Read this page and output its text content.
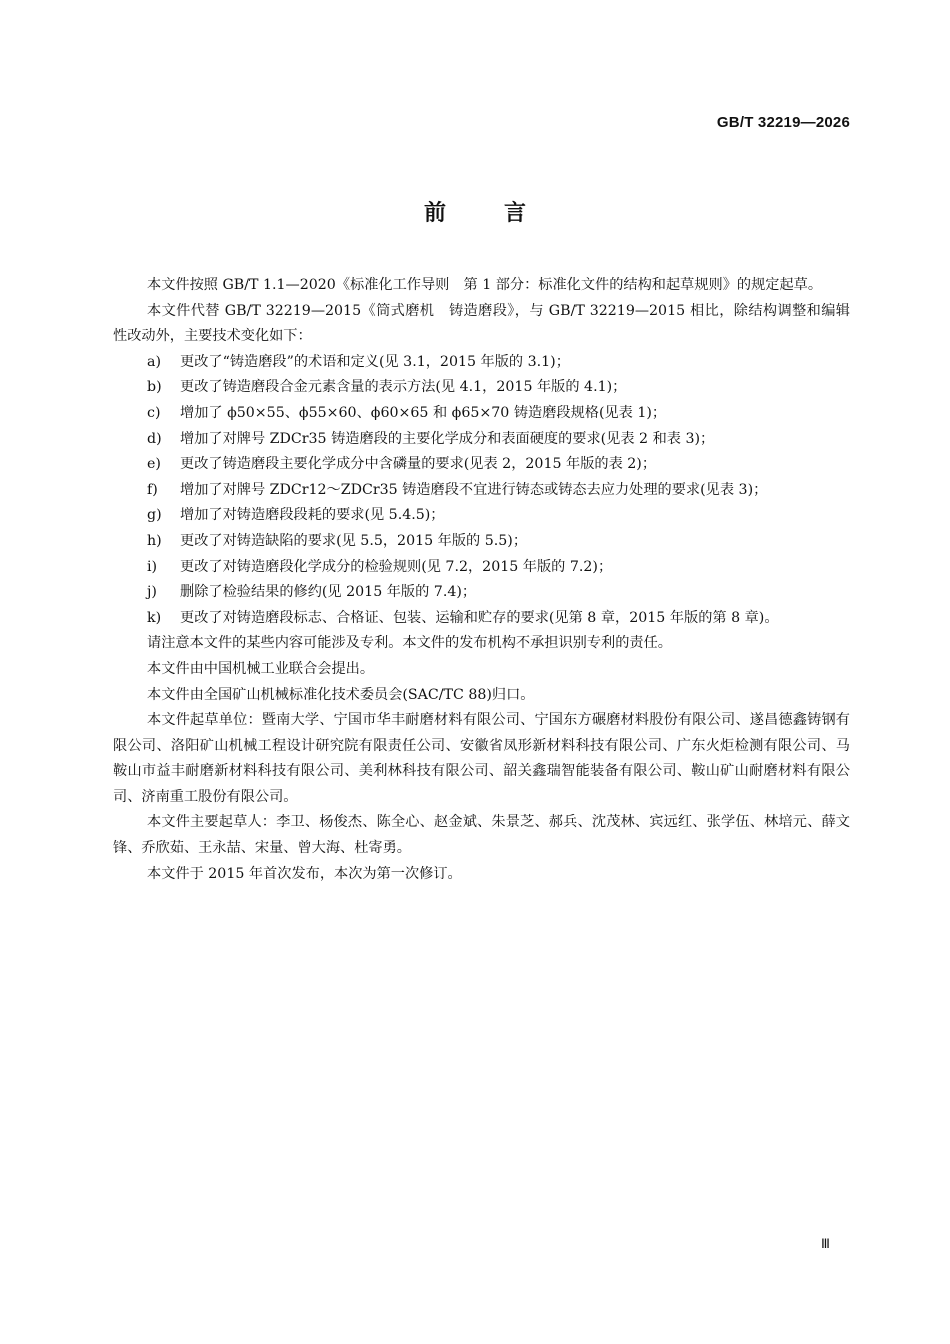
GB/T 32219—2026
前言

本文件按照 GB/T 1.1—2020《标准化工作导则　第 1 部分：标准化文件的结构和起草规则》的规定起草。

本文件代替 GB/T 32219—2015《筒式磨机　铸造磨段》，与 GB/T 32219—2015 相比，除结构调整和编辑性改动外，主要技术变化如下：

a) 更改了“铸造磨段”的术语和定义(见 3.1，2015 年版的 3.1)；

b) 更改了铸造磨段合金元素含量的表示方法(见 4.1，2015 年版的 4.1)；

c) 增加了 ϕ50×55、ϕ55×60、ϕ60×65 和 ϕ65×70 铸造磨段规格(见表 1)；

d) 增加了对牌号 ZDCr35 铸造磨段的主要化学成分和表面硬度的要求(见表 2 和表 3)；

e) 更改了铸造磨段主要化学成分中含磷量的要求(见表 2，2015 年版的表 2)；

f) 增加了对牌号 ZDCr12～ZDCr35 铸造磨段不宜进行铸态或铸态去应力处理的要求(见表 3)；

g) 增加了对铸造磨段段耗的要求(见 5.4.5)；

h) 更改了对铸造缺陷的要求(见 5.5，2015 年版的 5.5)；

i) 更改了对铸造磨段化学成分的检验规则(见 7.2，2015 年版的 7.2)；

j) 删除了检验结果的修约(见 2015 年版的 7.4)；

k) 更改了对铸造磨段标志、合格证、包装、运输和贮存的要求(见第 8 章，2015 年版的第 8 章)。

请注意本文件的某些内容可能涉及专利。本文件的发布机构不承担识别专利的责任。

本文件由中国机械工业联合会提出。

本文件由全国矿山机械标准化技术委员会(SAC/TC 88)归口。

本文件起草单位：暨南大学、宁国市华丰耐磨材料有限公司、宁国东方碾磨材料股份有限公司、遂昌德鑫铸钢有限公司、洛阳矿山机械工程设计研究院有限责任公司、安徽省凤形新材料科技有限公司、广东火炬检测有限公司、马鞍山市益丰耐磨新材料科技有限公司、美利林科技有限公司、韶关鑫瑞智能装备有限公司、鞍山矿山耐磨材料有限公司、济南重工股份有限公司。

本文件主要起草人：李卫、杨俊杰、陈全心、赵金斌、朱景芝、郝兵、沈茂林、宾远红、张学伍、林培元、薛文锋、乔欣茹、王永喆、宋量、曾大海、杜寄勇。

本文件于 2015 年首次发布，本次为第一次修订。

Ⅲ
